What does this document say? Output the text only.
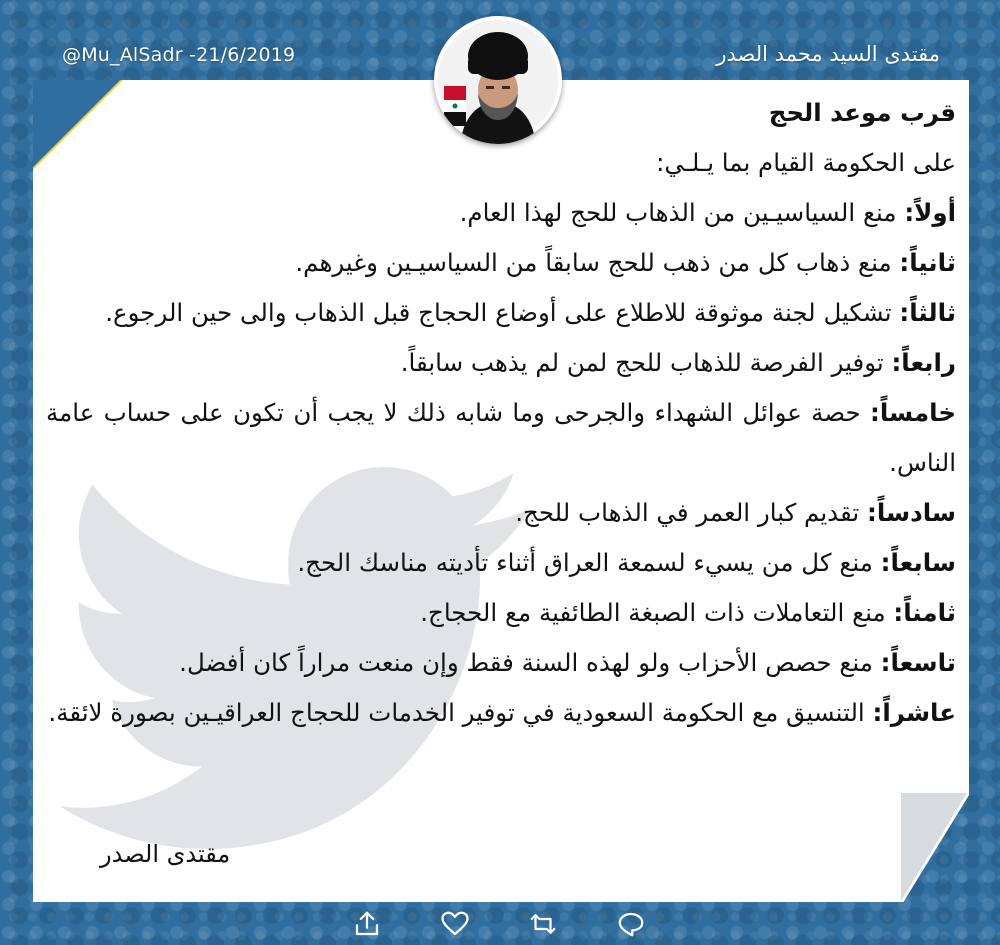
@Mu_AlSadr -21/6/2019	مقتدى السيد محمد الصدر

قرب موعد الحج

على الحكومة القيام بما يـلـي:

أولاً: منع السياسيـين من الذهاب للحج لهذا العام.

ثانياً: منع ذهاب كل من ذهب للحج سابقاً من السياسيـين وغيرهم.

ثالثاً: تشكيل لجنة موثوقة للاطلاع على أوضاع الحجاج قبل الذهاب والى حين الرجوع.

رابعاً: توفير الفرصة للذهاب للحج لمن لم يذهب سابقاً.

خامساً: حصة عوائل الشهداء والجرحى وما شابه ذلك لا يجب أن تكون على حساب عامة الناس.

سادساً: تقديم كبار العمر في الذهاب للحج.

سابعاً: منع كل من يسيء لسمعة العراق أثناء تأديته مناسك الحج.

ثامناً: منع التعاملات ذات الصبغة الطائفية مع الحجاج.

تاسعاً: منع حصص الأحزاب ولو لهذه السنة فقط وإن منعت مراراً كان أفضل.

عاشراً: التنسيق مع الحكومة السعودية في توفير الخدمات للحجاج العراقيـين بصورة لائقة.

مقتدى الصدر
